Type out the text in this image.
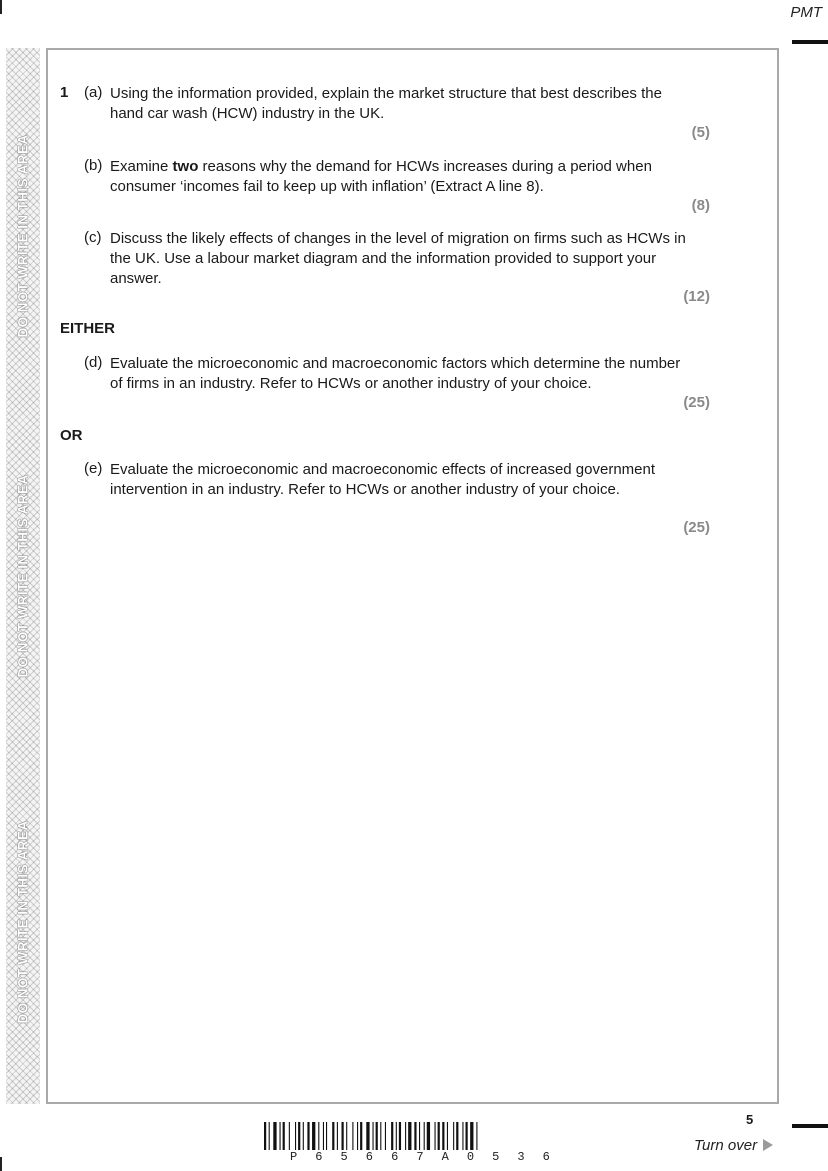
PMT
DO NOT WRITE IN THIS AREA
DO NOT WRITE IN THIS AREA
DO NOT WRITE IN THIS AREA
1 (a) Using the information provided, explain the market structure that best describes the hand car wash (HCW) industry in the UK.
(5)
(b) Examine two reasons why the demand for HCWs increases during a period when consumer ‘incomes fail to keep up with inflation’ (Extract A line 8).
(8)
(c) Discuss the likely effects of changes in the level of migration on firms such as HCWs in the UK. Use a labour market diagram and the information provided to support your answer.
(12)
EITHER
(d) Evaluate the microeconomic and macroeconomic factors which determine the number of firms in an industry. Refer to HCWs or another industry of your choice.
(25)
OR
(e) Evaluate the microeconomic and macroeconomic effects of increased government intervention in an industry. Refer to HCWs or another industry of your choice.
(25)
P 6 5 6 6 7 A 0 5 3 6
5
Turn over
